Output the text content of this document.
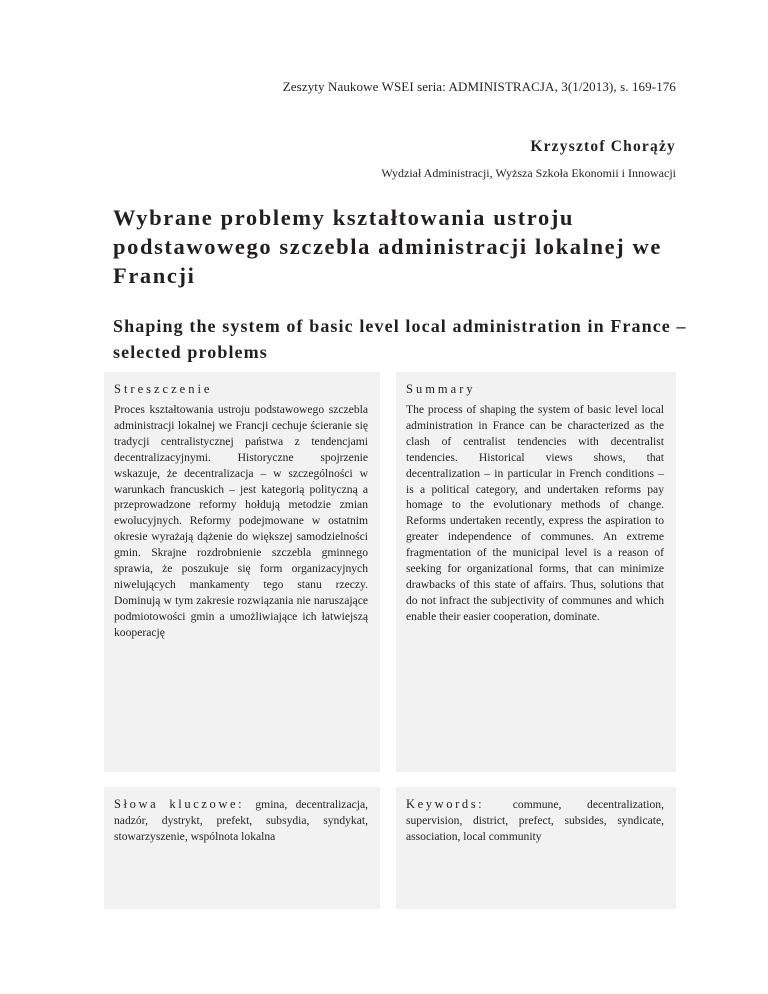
Zeszyty Naukowe WSEI seria: ADMINISTRACJA, 3(1/2013), s. 169-176
Krzysztof Chorąży
Wydział Administracji, Wyższa Szkoła Ekonomii i Innowacji
Wybrane problemy kształtowania ustroju podstawowego szczebla administracji lokalnej we Francji
Shaping the system of basic level local administration in France – selected problems
Streszczenie

Proces kształtowania ustroju podstawowego szczebla administracji lokalnej we Francji cechuje ścieranie się tradycji centralistycznej państwa z tendencjami decentralizacyjnymi. Historyczne spojrzenie wskazuje, że decentralizacja – w szczególności w warunkach francuskich – jest kategorią polityczną a przeprowadzone reformy hołdują metodzie zmian ewolucyjnych. Reformy podejmowane w ostatnim okresie wyrażają dążenie do większej samodzielności gmin. Skrajne rozdrobnienie szczebla gminnego sprawia, że poszukuje się form organizacyjnych niwelujących mankamenty tego stanu rzeczy. Dominują w tym zakresie rozwiązania nie naruszające podmiotowości gmin a umożliwiające ich łatwiejszą kooperację

Summary

The process of shaping the system of basic level local administration in France can be characterized as the clash of centralist tendencies with decentralist tendencies. Historical views shows, that decentralization – in particular in French conditions – is a political category, and undertaken reforms pay homage to the evolutionary methods of change. Reforms undertaken recently, express the aspiration to greater independence of communes. An extreme fragmentation of the municipal level is a reason of seeking for organizational forms, that can minimize drawbacks of this state of affairs. Thus, solutions that do not infract the subjectivity of communes and which enable their easier cooperation, dominate.

Słowa kluczowe: gmina, decentralizacja, nadzór, dystrykt, prefekt, subsydia, syndykat, stowarzyszenie, wspólnota lokalna
Keywords: commune, decentralization, supervision, district, prefect, subsides, syndicate, association, local community
